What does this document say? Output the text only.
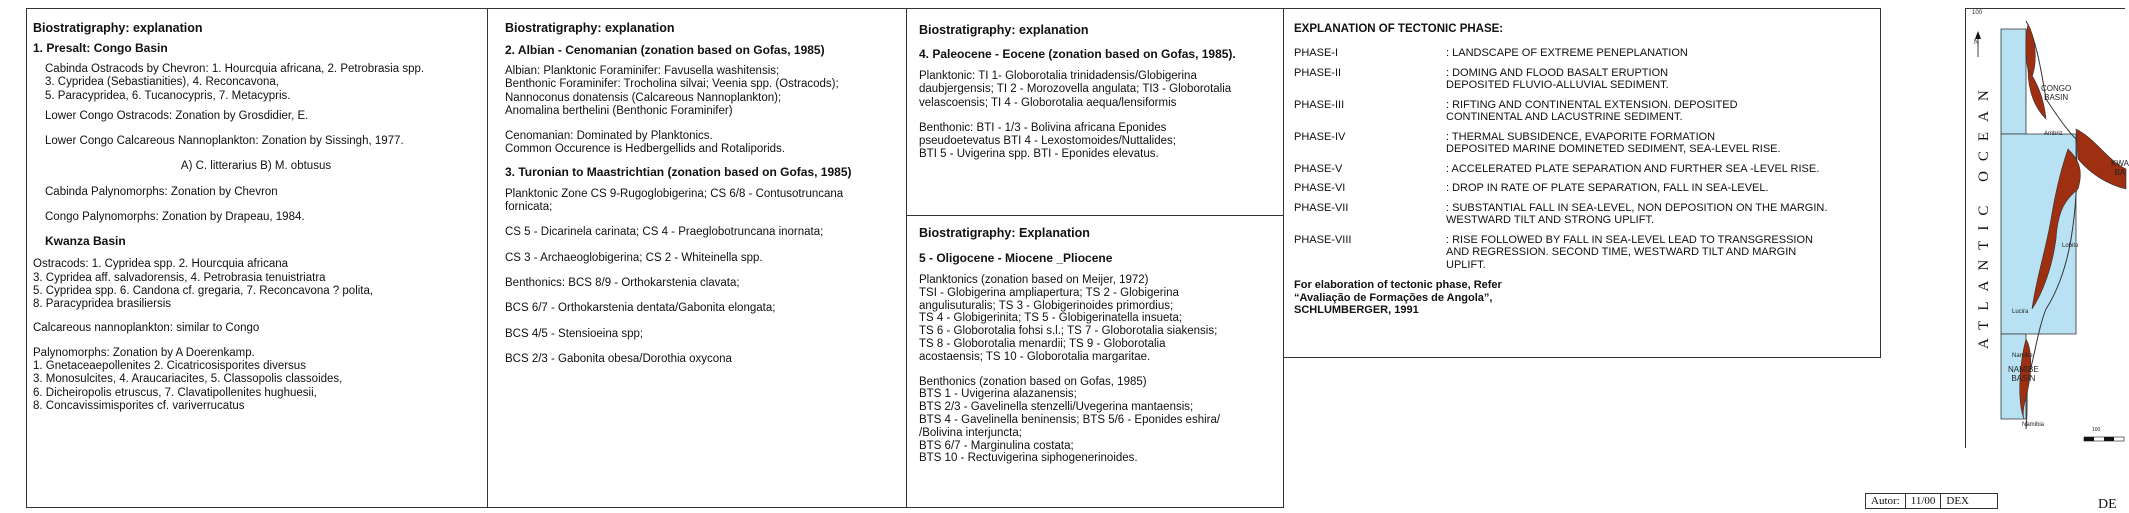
Biostratigraphy: explanation
1. Presalt: Congo Basin
Cabinda Ostracods by Chevron: 1. Hourcquia africana, 2. Petrobrasia spp.
3. Cypridea (Sebastianities), 4. Reconcavona,
5. Paracypridea, 6. Tucanocypris, 7. Metacypris.
Lower Congo Ostracods: Zonation by Grosdidier, E.
Lower Congo Calcareous Nannoplankton: Zonation by Sissingh, 1977.
A) C. litterarius B) M. obtusus
Cabinda Palynomorphs: Zonation by Chevron
Congo Palynomorphs: Zonation by Drapeau, 1984.
Kwanza Basin
Ostracods: 1. Cypridea spp. 2. Hourcquia africana
3. Cypridea aff. salvadorensis, 4. Petrobrasia tenuistriatra
5. Cypridea spp. 6. Candona cf. gregaria, 7. Reconcavona ? polita,
8. Paracypridea brasiliersis
Calcareous nannoplankton: similar to Congo
Palynomorphs: Zonation by A Doerenkamp.
1. Gnetaceaepollenites 2. Cicatricosisporites diversus
3. Monosulcites, 4. Araucariacites, 5. Classopolis classoides,
6. Dicheiropolis etruscus, 7. Clavatipollenites hughuesii,
8. Concavissimisporites cf. variverrucatus
Biostratigraphy: explanation
2. Albian - Cenomanian (zonation based on Gofas, 1985)
Albian: Planktonic Foraminifer: Favusella washitensis;
Benthonic Foraminifer: Trocholina silvai; Veenia spp. (Ostracods);
Nannoconus donatensis (Calcareous Nannoplankton);
Anomalina berthelini (Benthonic Foraminifer)
Cenomanian: Dominated by Planktonics.
Common Occurence is Hedbergellids and Rotaliporids.
3. Turonian to Maastrichtian (zonation based on Gofas, 1985)
Planktonic Zone CS 9-Rugoglobigerina; CS 6/8 - Contusotruncana
fornicata;
CS 5 - Dicarinela carinata; CS 4 - Praeglobotruncana inornata;
CS 3 - Archaeoglobigerina; CS 2 - Whiteinella spp.
Benthonics: BCS 8/9 - Orthokarstenia clavata;
BCS 6/7 - Orthokarstenia dentata/Gabonita elongata;
BCS 4/5 - Stensioeina spp;
BCS 2/3 - Gabonita obesa/Dorothia oxycona
Biostratigraphy: explanation
4. Paleocene - Eocene (zonation based on Gofas, 1985).
Planktonic: TI 1- Globorotalia trinidadensis/Globigerina
daubjergensis; TI 2 - Morozovella angulata; TI3 - Globorotalia
velascoensis; TI 4 - Globorotalia aequa/lensiformis
Benthonic: BTI - 1/3 - Bolivina africana Eponides
pseudoetevatus BTI 4 - Lexostomoides/Nuttalides;
BTI 5 - Uvigerina spp. BTI - Eponides elevatus.
Biostratigraphy: Explanation
5 - Oligocene - Miocene _Pliocene
Planktonics (zonation based on Meijer, 1972)
TSI - Globigerina ampliapertura; TS 2 - Globigerina
angulisuturalis; TS 3 - Globigerinoides primordius;
TS 4 - Globigerinita; TS 5 - Globigerinatella insueta;
TS 6 - Globorotalia fohsi s.l.; TS 7 - Globorotalia siakensis;
TS 8 - Globorotalia menardii; TS 9 - Globorotalia
acostaensis; TS 10 - Globorotalia margaritae.
Benthonics (zonation based on Gofas, 1985)
BTS 1 - Uvigerina alazanensis;
BTS 2/3 - Gavelinella stenzelli/Uvegerina mantaensis;
BTS 4 - Gavelinella beninensis; BTS 5/6 - Eponides eshira/
/Bolivina interjuncta;
BTS 6/7 - Marginulina costata;
BTS 10 - Rectuvigerina siphogenerinoides.
EXPLANATION OF TECTONIC PHASE:
PHASE-I	: LANDSCAPE OF EXTREME PENEPLANATION
PHASE-II	: DOMING AND FLOOD BASALT ERUPTION
DEPOSITED FLUVIO-ALLUVIAL SEDIMENT.
PHASE-III	: RIFTING AND CONTINENTAL EXTENSION. DEPOSITED
CONTINENTAL AND LACUSTRINE SEDIMENT.
PHASE-IV	: THERMAL SUBSIDENCE, EVAPORITE FORMATION
DEPOSITED MARINE DOMINETED SEDIMENT, SEA-LEVEL RISE.
PHASE-V	: ACCELERATED PLATE SEPARATION AND FURTHER SEA -LEVEL RISE.
PHASE-VI	: DROP IN RATE OF PLATE SEPARATION, FALL IN SEA-LEVEL.
PHASE-VII	: SUBSTANTIAL FALL IN SEA-LEVEL, NON DEPOSITION ON THE MARGIN.
WESTWARD TILT AND STRONG UPLIFT.
PHASE-VIII	: RISE FOLLOWED BY FALL IN SEA-LEVEL LEAD TO TRANSGRESSION
AND REGRESSION. SECOND TIME, WESTWARD TILT AND MARGIN
UPLIFT.
For elaboration of tectonic phase, Refer
“Avaliação de Formações de Angola”,
SCHLUMBERGER, 1991
100
N
ATLANTIC OCEAN	CONGO
BASIN
Ambriz
KWA
BA
Lobito
Lucira
Namibe
NAMIBE
BASIN
Namibia
100
Autor:	11/00	DEX	DE
